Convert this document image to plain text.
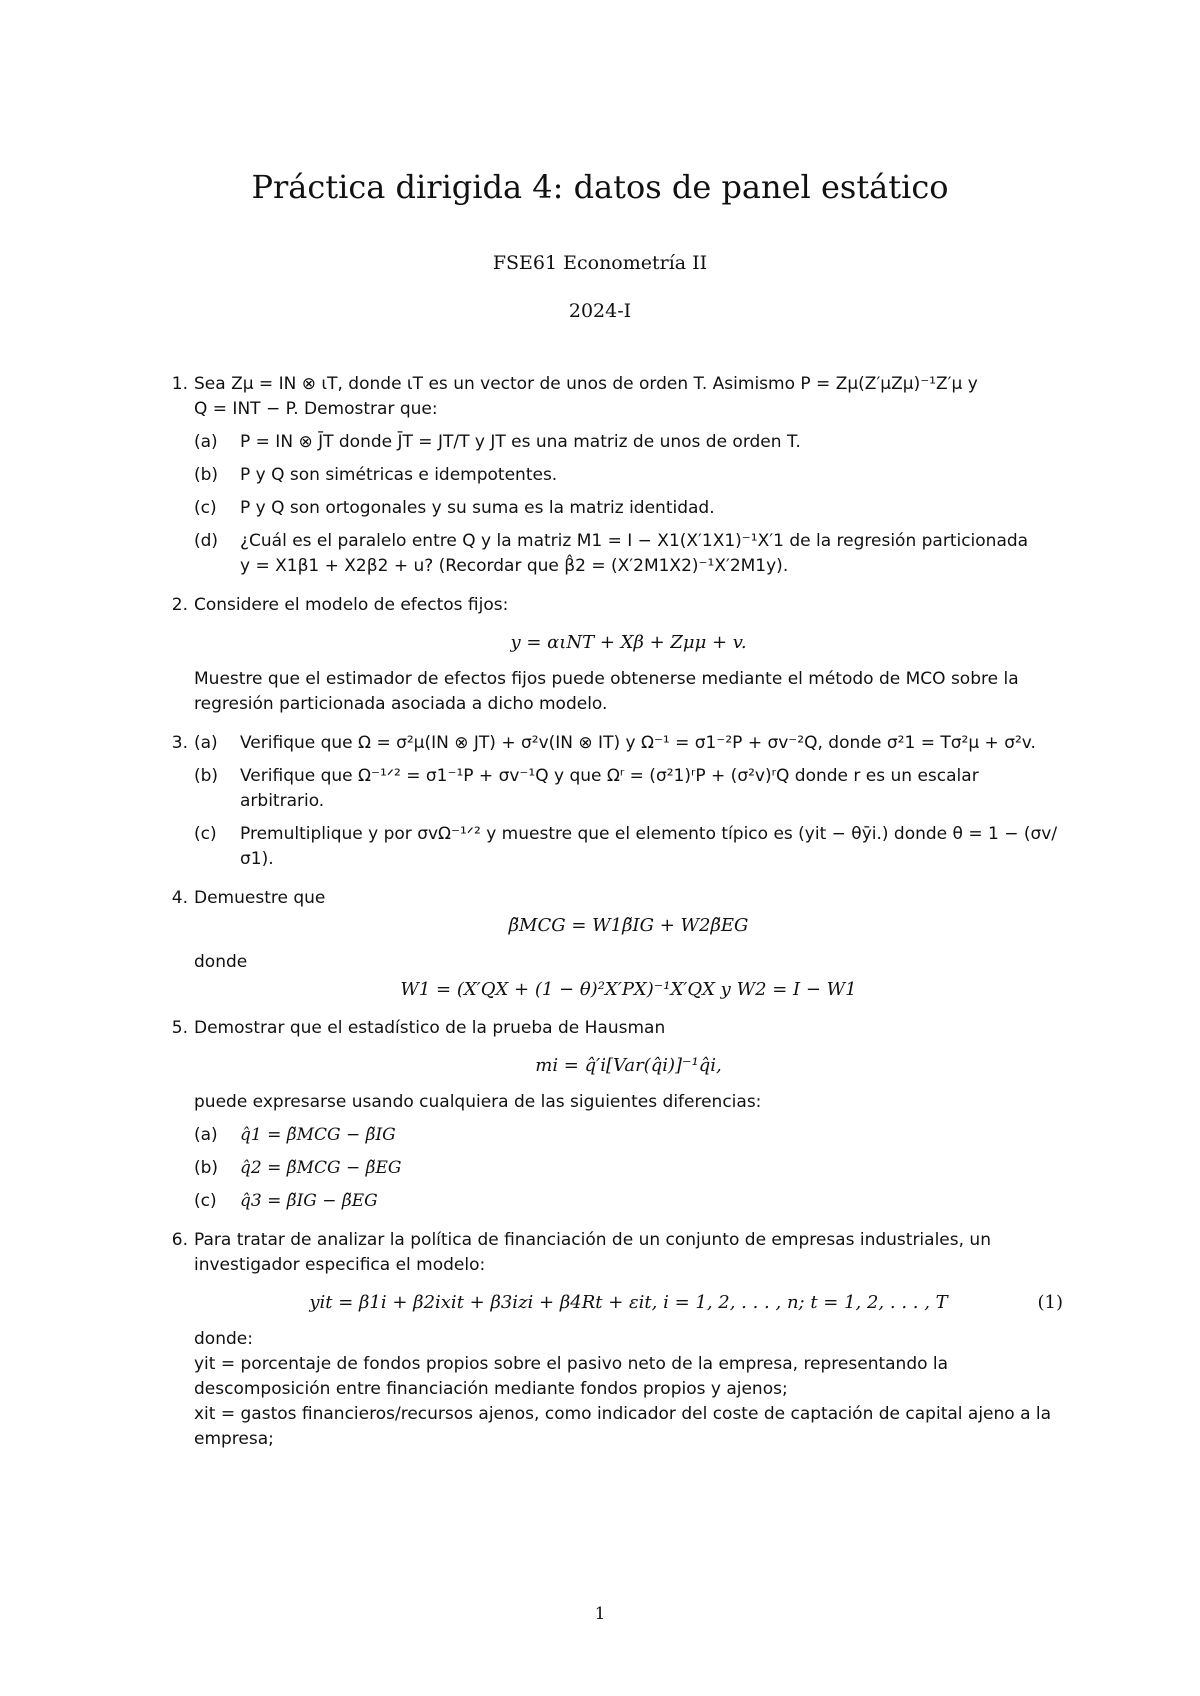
Práctica dirigida 4: datos de panel estático
FSE61 Econometría II
2024-I
1. Sea Zμ = IN ⊗ ιT, donde ιT es un vector de unos de orden T. Asimismo P = Zμ(Z′μZμ)⁻¹Z′μ y
Q = INT − P. Demostrar que:
(a)	P = IN ⊗ J̄T donde J̄T = JT/T y JT es una matriz de unos de orden T.
(b)	P y Q son simétricas e idempotentes.
(c)	P y Q son ortogonales y su suma es la matriz identidad.
(d)	¿Cuál es el paralelo entre Q y la matriz M1 = I − X1(X′1X1)⁻¹X′1 de la regresión particionada
y = X1β1 + X2β2 + u? (Recordar que β̂2 = (X′2M1X2)⁻¹X′2M1y).
2. Considere el modelo de efectos fijos:
y = αιNT + Xβ + Zμμ + v.
Muestre que el estimador de efectos fijos puede obtenerse mediante el método de MCO sobre la regresión particionada asociada a dicho modelo.
3. (a)	Verifique que Ω = σ²μ(IN ⊗ JT) + σ²v(IN ⊗ IT) y Ω⁻¹ = σ1⁻²P + σv⁻²Q, donde σ²1 = Tσ²μ + σ²v.
(b)	Verifique que Ω⁻¹ᐟ² = σ1⁻¹P + σv⁻¹Q y que Ωʳ = (σ²1)ʳP + (σ²v)ʳQ donde r es un escalar arbitrario.
(c)	Premultiplique y por σvΩ⁻¹ᐟ² y muestre que el elemento típico es (yit − θȳi.) donde θ = 1 − (σv/σ1).
4. Demuestre que
β̃MCG = W1β̃IG + W2β̃EG
donde
W1 = (X′QX + (1 − θ)²X′PX)⁻¹X′QX y W2 = I − W1
5. Demostrar que el estadístico de la prueba de Hausman
mi = q̂′i[Var(q̂i)]⁻¹q̂i,
puede expresarse usando cualquiera de las siguientes diferencias:
(a)	q̂1 = β̃MCG − β̃IG
(b)	q̂2 = β̃MCG − β̃EG
(c)	q̂3 = β̃IG − β̃EG
6. Para tratar de analizar la política de financiación de un conjunto de empresas industriales, un investigador especifica el modelo:
yit = β1i + β2ixit + β3izi + β4Rt + εit, i = 1, 2, . . . , n; t = 1, 2, . . . , T	(1)
donde:
yit = porcentaje de fondos propios sobre el pasivo neto de la empresa, representando la descomposición entre financiación mediante fondos propios y ajenos;
xit = gastos financieros/recursos ajenos, como indicador del coste de captación de capital ajeno a la empresa;
1
